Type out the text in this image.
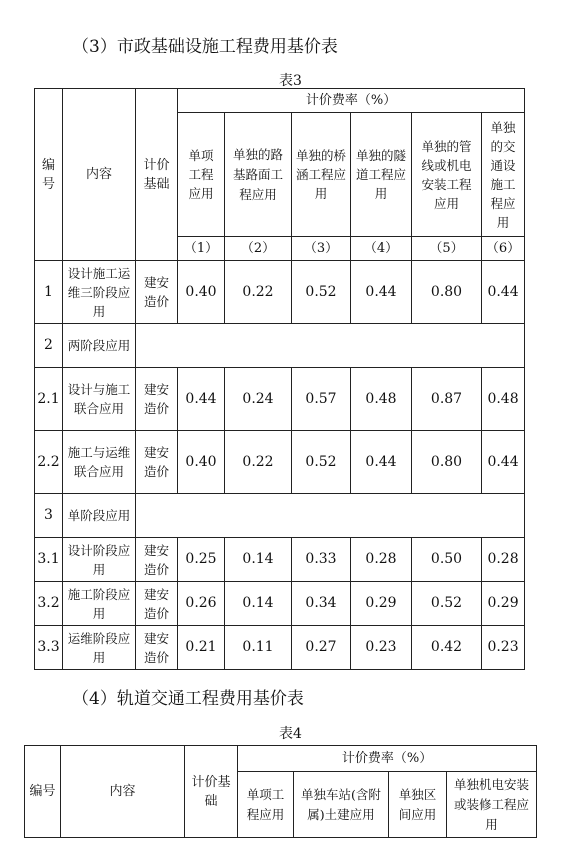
（3）市政基础设施工程费用基价表
表3
编号	内容	计价基础	计价费率（%）					
			单项工程应用	单独的路基路面工程应用	单独的桥涵工程应用	单独的隧道工程应用	单独的管线或机电安装工程应用	单独的交通设施工程应用
			（1）	（2）	（3）	（4）	（5）	（6）
1	设计施工运维三阶段应用	建安造价	0.40	0.22	0.52	0.44	0.80	0.44
2	两阶段应用							
2.1	设计与施工联合应用	建安造价	0.44	0.24	0.57	0.48	0.87	0.48
2.2	施工与运维联合应用	建安造价	0.40	0.22	0.52	0.44	0.80	0.44
3	单阶段应用							
3.1	设计阶段应用	建安造价	0.25	0.14	0.33	0.28	0.50	0.28
3.2	施工阶段应用	建安造价	0.26	0.14	0.34	0.29	0.52	0.29
3.3	运维阶段应用	建安造价	0.21	0.11	0.27	0.23	0.42	0.23
（4）轨道交通工程费用基价表
表4
编号	内容	计价基础	计价费率（%）			
			单项工程应用	单独车站(含附属)土建应用	单独区间应用	单独机电安装或装修工程应用
